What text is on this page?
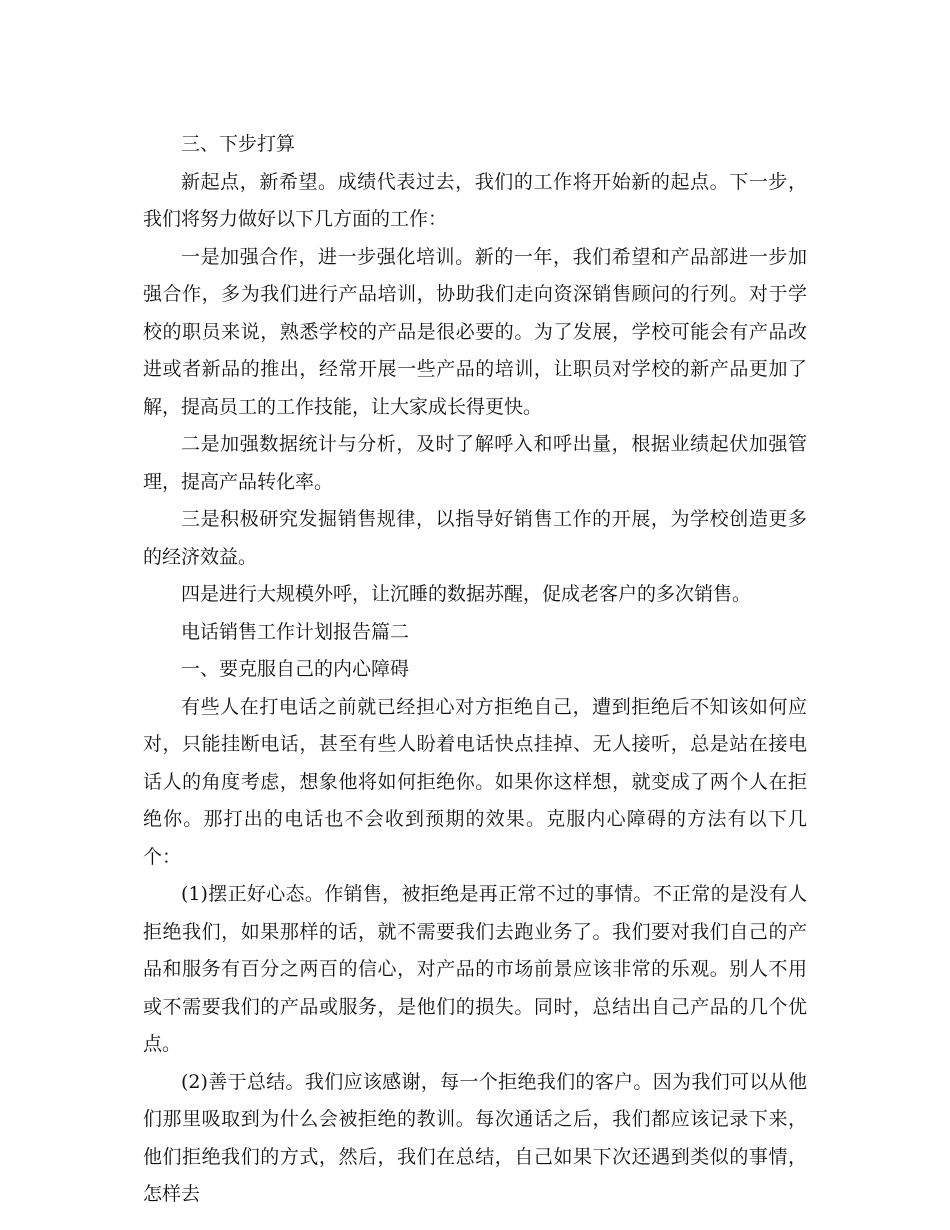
三、下步打算

新起点，新希望。成绩代表过去，我们的工作将开始新的起点。下一步，我们将努力做好以下几方面的工作：

一是加强合作，进一步强化培训。新的一年，我们希望和产品部进一步加强合作，多为我们进行产品培训，协助我们走向资深销售顾问的行列。对于学校的职员来说，熟悉学校的产品是很必要的。为了发展，学校可能会有产品改进或者新品的推出，经常开展一些产品的培训，让职员对学校的新产品更加了解，提高员工的工作技能，让大家成长得更快。

二是加强数据统计与分析，及时了解呼入和呼出量，根据业绩起伏加强管理，提高产品转化率。

三是积极研究发掘销售规律，以指导好销售工作的开展，为学校创造更多的经济效益。

四是进行大规模外呼，让沉睡的数据苏醒，促成老客户的多次销售。

电话销售工作计划报告篇二

一、要克服自己的内心障碍

有些人在打电话之前就已经担心对方拒绝自己，遭到拒绝后不知该如何应对，只能挂断电话，甚至有些人盼着电话快点挂掉、无人接听，总是站在接电话人的角度考虑，想象他将如何拒绝你。如果你这样想，就变成了两个人在拒绝你。那打出的电话也不会收到预期的效果。克服内心障碍的方法有以下几个：

(1)摆正好心态。作销售，被拒绝是再正常不过的事情。不正常的是没有人拒绝我们，如果那样的话，就不需要我们去跑业务了。我们要对我们自己的产品和服务有百分之两百的信心，对产品的市场前景应该非常的乐观。别人不用或不需要我们的产品或服务，是他们的损失。同时，总结出自己产品的几个优点。

(2)善于总结。我们应该感谢，每一个拒绝我们的客户。因为我们可以从他们那里吸取到为什么会被拒绝的教训。每次通话之后，我们都应该记录下来，他们拒绝我们的方式，然后，我们在总结，自己如果下次还遇到类似的事情，怎样去
